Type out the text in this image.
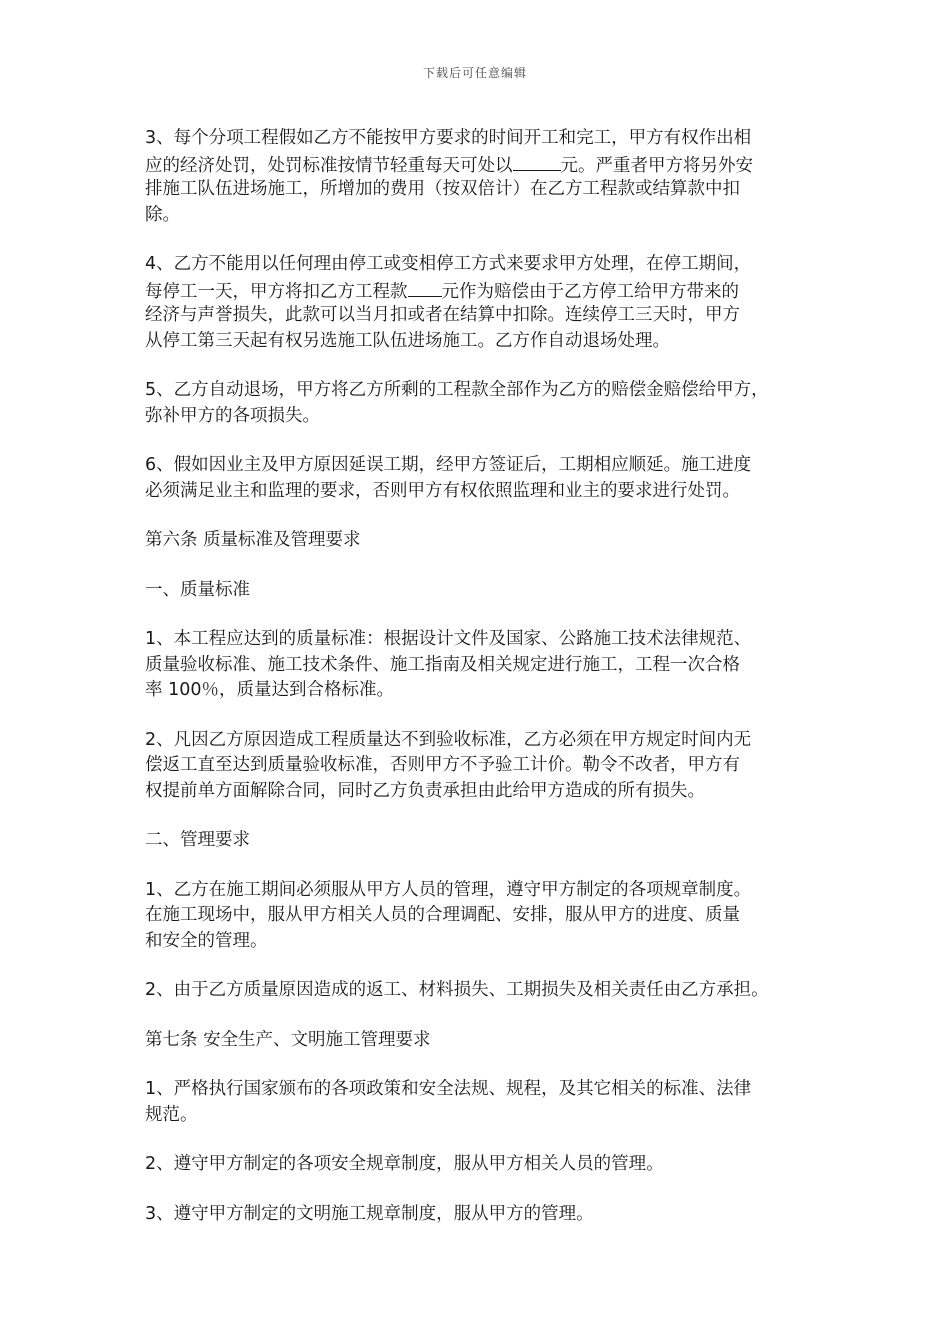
下载后可任意编辑
3、每个分项工程假如乙方不能按甲方要求的时间开工和完工，甲方有权作出相
应的经济处罚，处罚标准按情节轻重每天可处以	元。严重者甲方将另外安
排施工队伍进场施工，所增加的费用（按双倍计）在乙方工程款或结算款中扣
除。
4、乙方不能用以任何理由停工或变相停工方式来要求甲方处理，在停工期间，
每停工一天，甲方将扣乙方工程款 元作为赔偿由于乙方停工给甲方带来的
经济与声誉损失，此款可以当月扣或者在结算中扣除。连续停工三天时，甲方
从停工第三天起有权另选施工队伍进场施工。乙方作自动退场处理。
5、乙方自动退场，甲方将乙方所剩的工程款全部作为乙方的赔偿金赔偿给甲方，
弥补甲方的各项损失。
6、假如因业主及甲方原因延误工期，经甲方签证后，工期相应顺延。施工进度
必须满足业主和监理的要求，否则甲方有权依照监理和业主的要求进行处罚。
第六条 质量标准及管理要求
一、质量标准
1、本工程应达到的质量标准：根据设计文件及国家、公路施工技术法律规范、
质量验收标准、施工技术条件、施工指南及相关规定进行施工，工程一次合格
率 100％，质量达到合格标准。
2、凡因乙方原因造成工程质量达不到验收标准，乙方必须在甲方规定时间内无
偿返工直至达到质量验收标准，否则甲方不予验工计价。勒令不改者，甲方有
权提前单方面解除合同，同时乙方负责承担由此给甲方造成的所有损失。
二、管理要求
1、乙方在施工期间必须服从甲方人员的管理，遵守甲方制定的各项规章制度。
在施工现场中，服从甲方相关人员的合理调配、安排，服从甲方的进度、质量
和安全的管理。
2、由于乙方质量原因造成的返工、材料损失、工期损失及相关责任由乙方承担。
第七条 安全生产、文明施工管理要求
1、严格执行国家颁布的各项政策和安全法规、规程，及其它相关的标准、法律
规范。
2、遵守甲方制定的各项安全规章制度，服从甲方相关人员的管理。
3、遵守甲方制定的文明施工规章制度，服从甲方的管理。
